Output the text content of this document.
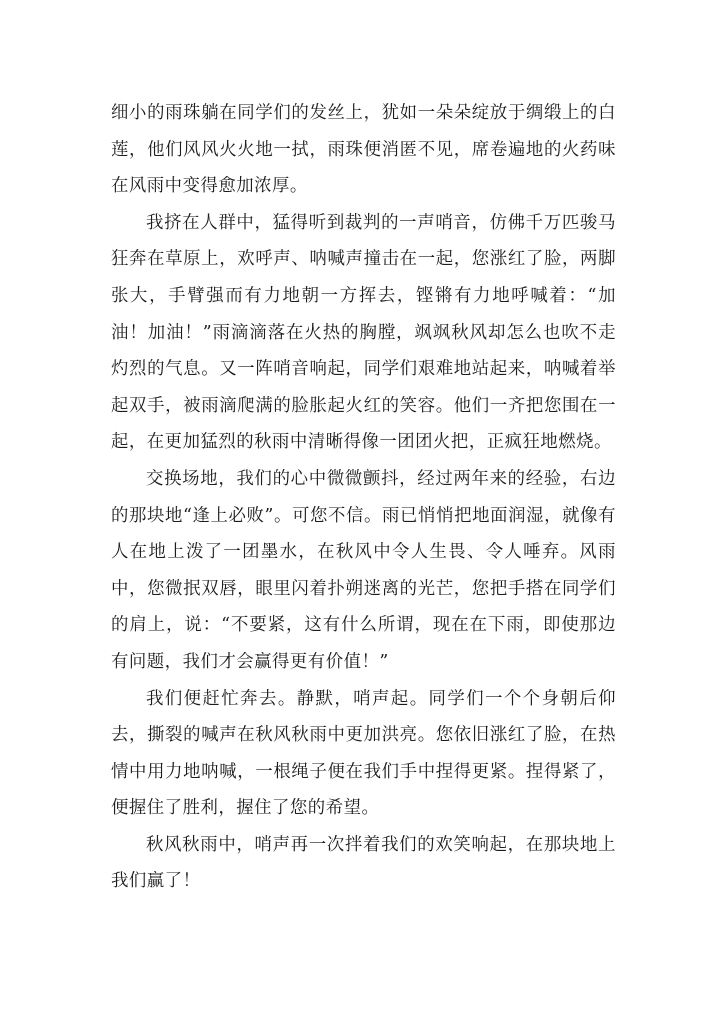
细小的雨珠躺在同学们的发丝上，犹如一朵朵绽放于绸缎上的白莲，他们风风火火地一拭，雨珠便消匿不见，席卷遍地的火药味在风雨中变得愈加浓厚。

我挤在人群中，猛得听到裁判的一声哨音，仿佛千万匹骏马狂奔在草原上，欢呼声、呐喊声撞击在一起，您涨红了脸，两脚张大，手臂强而有力地朝一方挥去，铿锵有力地呼喊着：“加油！加油！”雨滴滴落在火热的胸膛，飒飒秋风却怎么也吹不走灼烈的气息。又一阵哨音响起，同学们艰难地站起来，呐喊着举起双手，被雨滴爬满的脸胀起火红的笑容。他们一齐把您围在一起，在更加猛烈的秋雨中清晰得像一团团火把，正疯狂地燃烧。

交换场地，我们的心中微微颤抖，经过两年来的经验，右边的那块地“逢上必败”。可您不信。雨已悄悄把地面润湿，就像有人在地上泼了一团墨水，在秋风中令人生畏、令人唾弃。风雨中，您微抿双唇，眼里闪着扑朔迷离的光芒，您把手搭在同学们的肩上，说：“不要紧，这有什么所谓，现在在下雨，即使那边有问题，我们才会赢得更有价值！”

我们便赶忙奔去。静默，哨声起。同学们一个个身朝后仰去，撕裂的喊声在秋风秋雨中更加洪亮。您依旧涨红了脸，在热情中用力地呐喊，一根绳子便在我们手中捏得更紧。捏得紧了，便握住了胜利，握住了您的希望。

秋风秋雨中，哨声再一次拌着我们的欢笑响起，在那块地上我们赢了！
